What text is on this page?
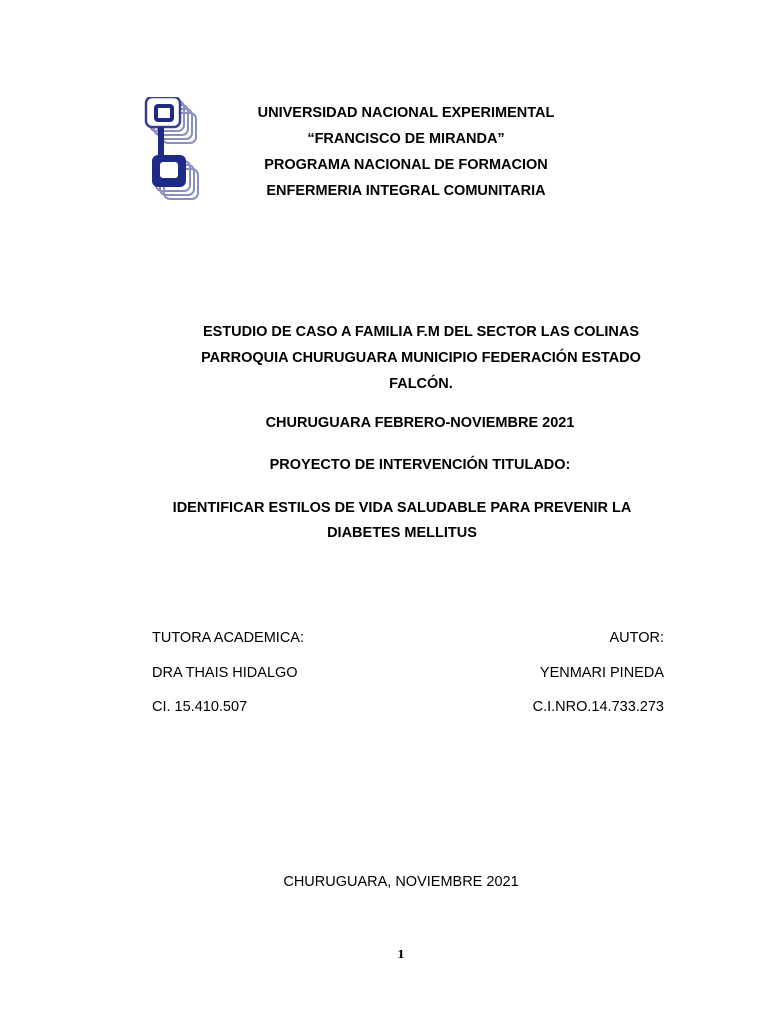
UNIVERSIDAD NACIONAL EXPERIMENTAL
“FRANCISCO DE MIRANDA”
PROGRAMA NACIONAL DE FORMACION
ENFERMERIA INTEGRAL COMUNITARIA
ESTUDIO DE CASO A FAMILIA F.M DEL SECTOR LAS COLINAS
PARROQUIA CHURUGUARA MUNICIPIO FEDERACIÓN ESTADO
FALCÓN.
CHURUGUARA FEBRERO-NOVIEMBRE 2021
PROYECTO DE INTERVENCIÓN TITULADO:
IDENTIFICAR ESTILOS DE VIDA SALUDABLE PARA PREVENIR LA
DIABETES MELLITUS
TUTORA ACADEMICA:	AUTOR:
DRA THAIS HIDALGO	YENMARI PINEDA
CI. 15.410.507	C.I.NRO.14.733.273
CHURUGUARA, NOVIEMBRE 2021
1
